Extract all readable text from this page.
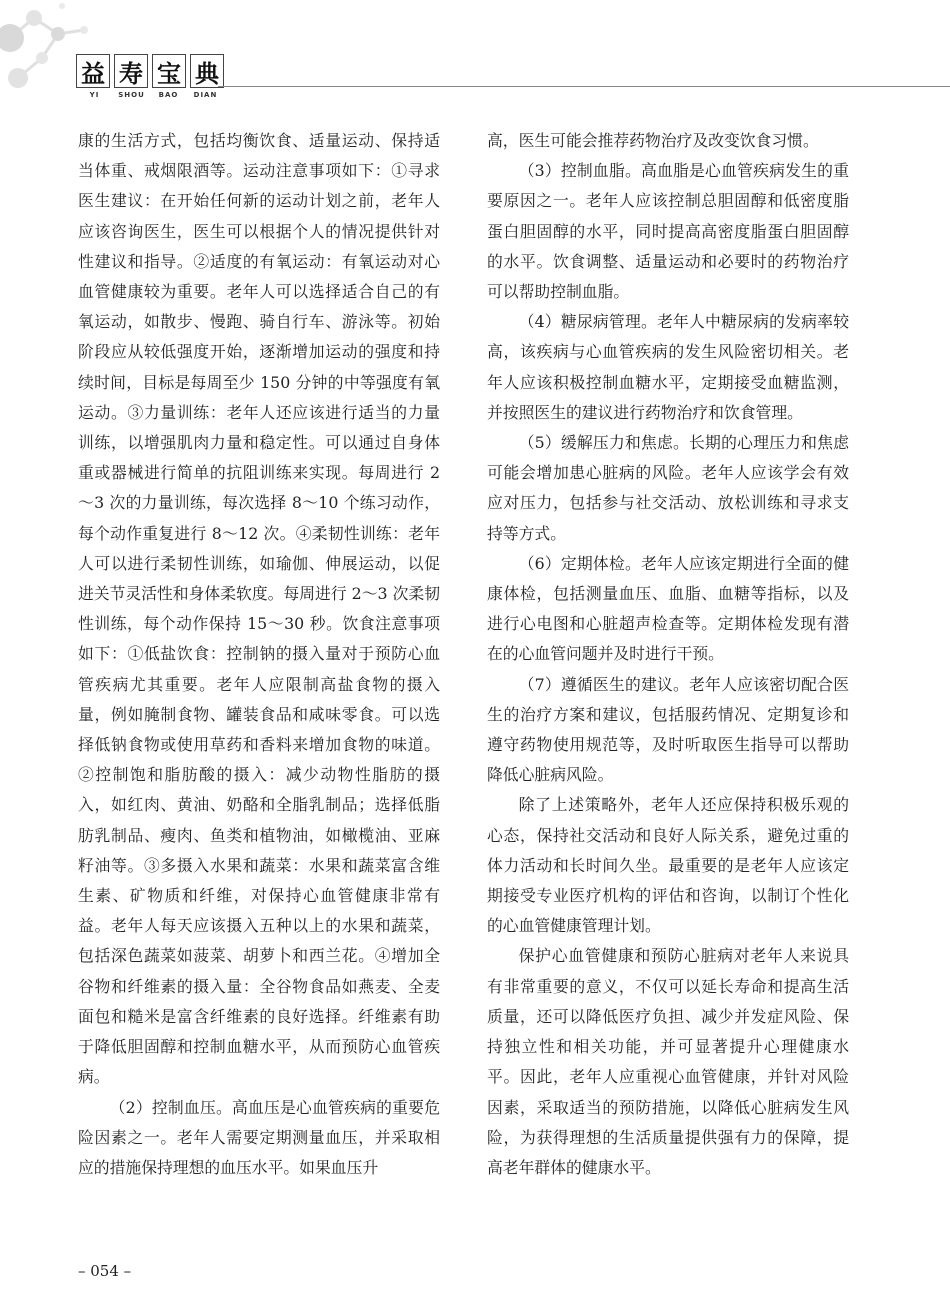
益 寿 宝 典
YI	SHOU	BAO	DIAN

康的生活方式，包括均衡饮食、适量运动、保持适当体重、戒烟限酒等。运动注意事项如下：①寻求医生建议：在开始任何新的运动计划之前，老年人应该咨询医生，医生可以根据个人的情况提供针对性建议和指导。②适度的有氧运动：有氧运动对心血管健康较为重要。老年人可以选择适合自己的有氧运动，如散步、慢跑、骑自行车、游泳等。初始阶段应从较低强度开始，逐渐增加运动的强度和持续时间，目标是每周至少 150 分钟的中等强度有氧运动。③力量训练：老年人还应该进行适当的力量训练，以增强肌肉力量和稳定性。可以通过自身体重或器械进行简单的抗阻训练来实现。每周进行 2～3 次的力量训练，每次选择 8～10 个练习动作，每个动作重复进行 8～12 次。④柔韧性训练：老年人可以进行柔韧性训练，如瑜伽、伸展运动，以促进关节灵活性和身体柔软度。每周进行 2～3 次柔韧性训练，每个动作保持 15～30 秒。饮食注意事项如下：①低盐饮食：控制钠的摄入量对于预防心血管疾病尤其重要。老年人应限制高盐食物的摄入量，例如腌制食物、罐装食品和咸味零食。可以选择低钠食物或使用草药和香料来增加食物的味道。②控制饱和脂肪酸的摄入：减少动物性脂肪的摄入，如红肉、黄油、奶酪和全脂乳制品；选择低脂肪乳制品、瘦肉、鱼类和植物油，如橄榄油、亚麻籽油等。③多摄入水果和蔬菜：水果和蔬菜富含维生素、矿物质和纤维，对保持心血管健康非常有益。老年人每天应该摄入五种以上的水果和蔬菜，包括深色蔬菜如菠菜、胡萝卜和西兰花。④增加全谷物和纤维素的摄入量：全谷物食品如燕麦、全麦面包和糙米是富含纤维素的良好选择。纤维素有助于降低胆固醇和控制血糖水平，从而预防心血管疾病。

（2）控制血压。高血压是心血管疾病的重要危险因素之一。老年人需要定期测量血压，并采取相应的措施保持理想的血压水平。如果血压升

高，医生可能会推荐药物治疗及改变饮食习惯。

（3）控制血脂。高血脂是心血管疾病发生的重要原因之一。老年人应该控制总胆固醇和低密度脂蛋白胆固醇的水平，同时提高高密度脂蛋白胆固醇的水平。饮食调整、适量运动和必要时的药物治疗可以帮助控制血脂。

（4）糖尿病管理。老年人中糖尿病的发病率较高，该疾病与心血管疾病的发生风险密切相关。老年人应该积极控制血糖水平，定期接受血糖监测，并按照医生的建议进行药物治疗和饮食管理。

（5）缓解压力和焦虑。长期的心理压力和焦虑可能会增加患心脏病的风险。老年人应该学会有效应对压力，包括参与社交活动、放松训练和寻求支持等方式。

（6）定期体检。老年人应该定期进行全面的健康体检，包括测量血压、血脂、血糖等指标，以及进行心电图和心脏超声检查等。定期体检发现有潜在的心血管问题并及时进行干预。

（7）遵循医生的建议。老年人应该密切配合医生的治疗方案和建议，包括服药情况、定期复诊和遵守药物使用规范等，及时听取医生指导可以帮助降低心脏病风险。

除了上述策略外，老年人还应保持积极乐观的心态，保持社交活动和良好人际关系，避免过重的体力活动和长时间久坐。最重要的是老年人应该定期接受专业医疗机构的评估和咨询，以制订个性化的心血管健康管理计划。

保护心血管健康和预防心脏病对老年人来说具有非常重要的意义，不仅可以延长寿命和提高生活质量，还可以降低医疗负担、减少并发症风险、保持独立性和相关功能，并可显著提升心理健康水平。因此，老年人应重视心血管健康，并针对风险因素，采取适当的预防措施，以降低心脏病发生风险，为获得理想的生活质量提供强有力的保障，提高老年群体的健康水平。

– 054 –
